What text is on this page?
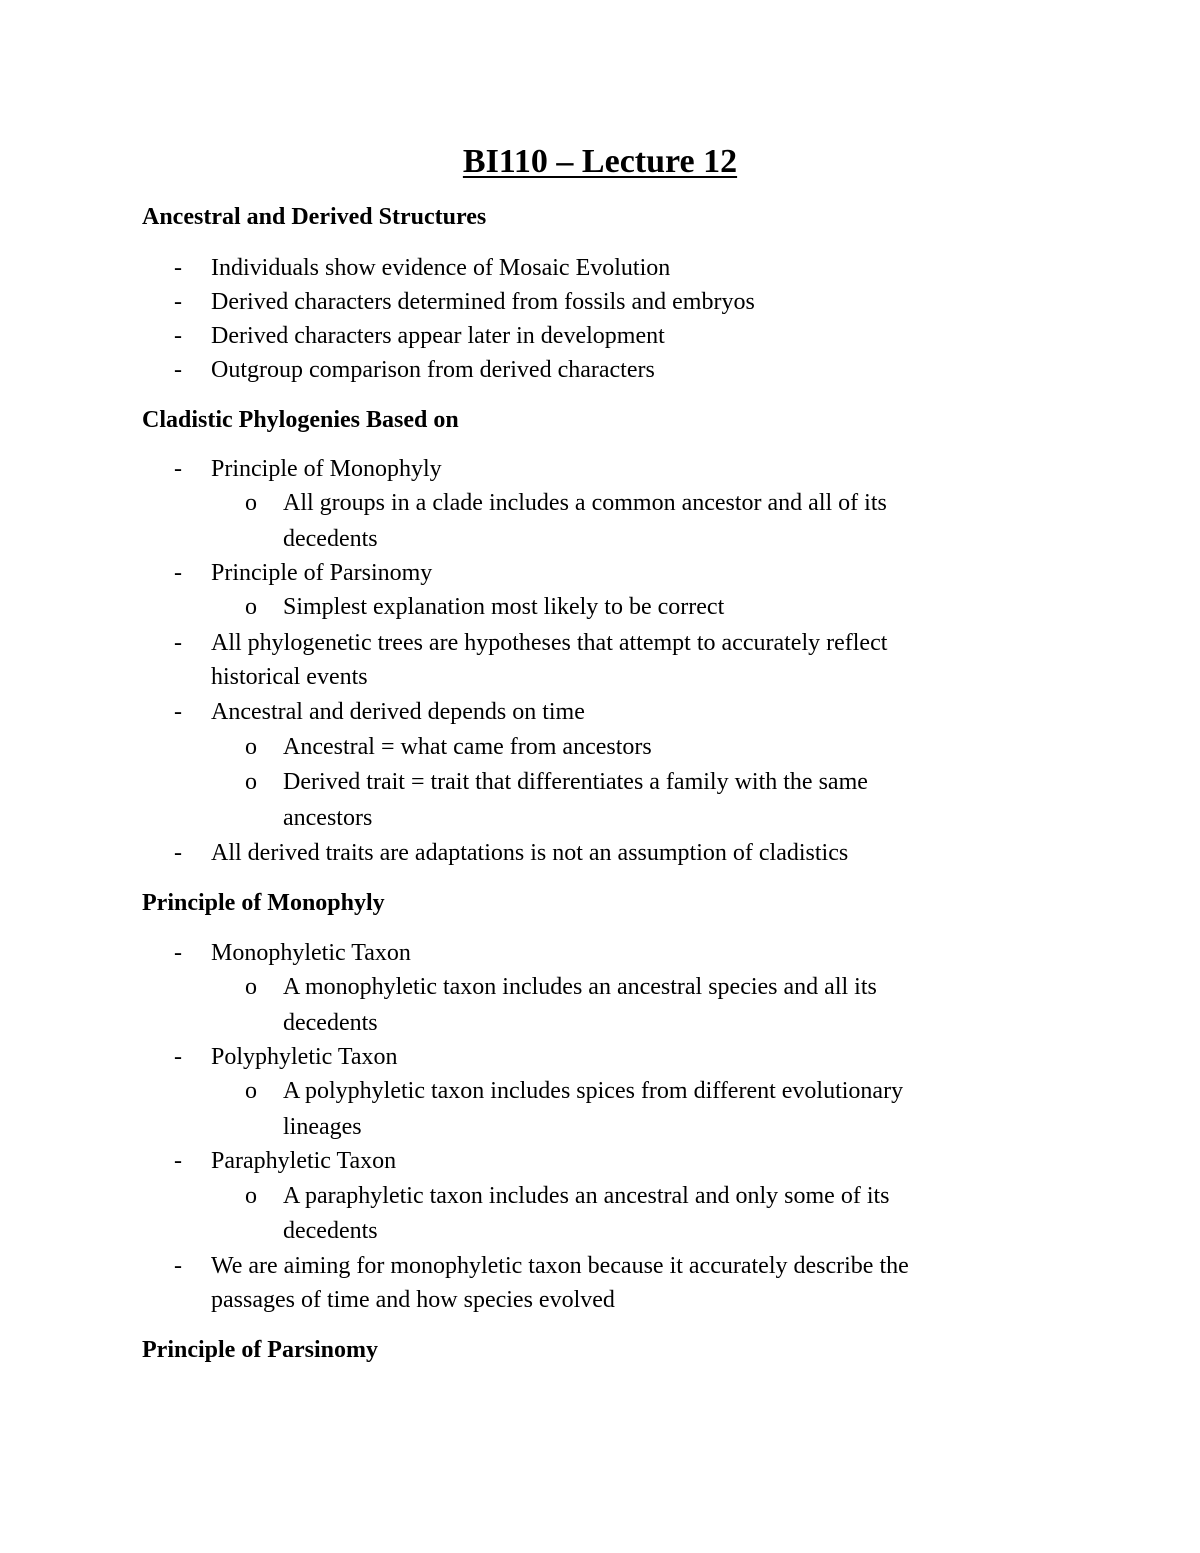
BI110 – Lecture 12
Ancestral and Derived Structures
- Individuals show evidence of Mosaic Evolution
- Derived characters determined from fossils and embryos
- Derived characters appear later in development
- Outgroup comparison from derived characters
Cladistic Phylogenies Based on
- Principle of Monophyly
o All groups in a clade includes a common ancestor and all of its
decedents
- Principle of Parsinomy
o Simplest explanation most likely to be correct
- All phylogenetic trees are hypotheses that attempt to accurately reflect
historical events
- Ancestral and derived depends on time
o Ancestral = what came from ancestors
o Derived trait = trait that differentiates a family with the same
ancestors
- All derived traits are adaptations is not an assumption of cladistics
Principle of Monophyly
- Monophyletic Taxon
o A monophyletic taxon includes an ancestral species and all its
decedents
- Polyphyletic Taxon
o A polyphyletic taxon includes spices from different evolutionary
lineages
- Paraphyletic Taxon
o A paraphyletic taxon includes an ancestral and only some of its
decedents
- We are aiming for monophyletic taxon because it accurately describe the
passages of time and how species evolved
Principle of Parsinomy
